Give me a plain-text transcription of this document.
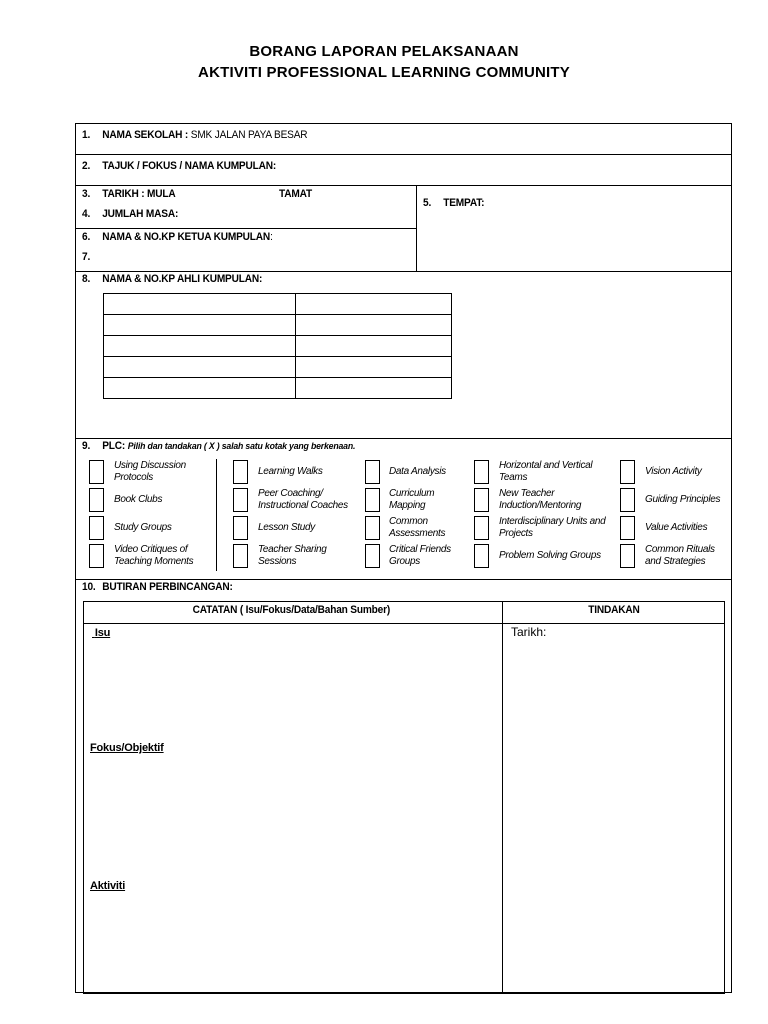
BORANG LAPORAN PELAKSANAAN
AKTIVITI PROFESSIONAL LEARNING COMMUNITY
1. NAMA SEKOLAH : SMK JALAN PAYA BESAR
2. TAJUK / FOKUS / NAMA KUMPULAN:
3. TARIKH : MULA	TAMAT
4. JUMLAH MASA:
5. TEMPAT:
6. NAMA & NO.KP KETUA KUMPULAN:
7.
8. NAMA & NO.KP AHLI KUMPULAN:

9. PLC: Pilih dan tandakan ( X ) salah satu kotak yang berkenaan.
10. BUTIRAN PERBINCANGAN:
CATATAN ( Isu/Fokus/Data/Bahan Sumber)	TINDAKAN
Isu
Fokus/Objektif
Aktiviti
Tarikh:
Using Discussion Protocols
Learning Walks	Data Analysis
Horizontal and Vertical Teams
Vision Activity
Book Clubs
Peer Coaching/ Instructional Coaches
Curriculum Mapping
New Teacher Induction/Mentoring
Guiding Principles
Study Groups	Lesson Study
Common Assessments
Interdisciplinary Units and Projects
Value Activities
Video Critiques of Teaching Moments
Teacher Sharing Sessions
Critical Friends Groups
Problem Solving Groups
Common Rituals and Strategies
